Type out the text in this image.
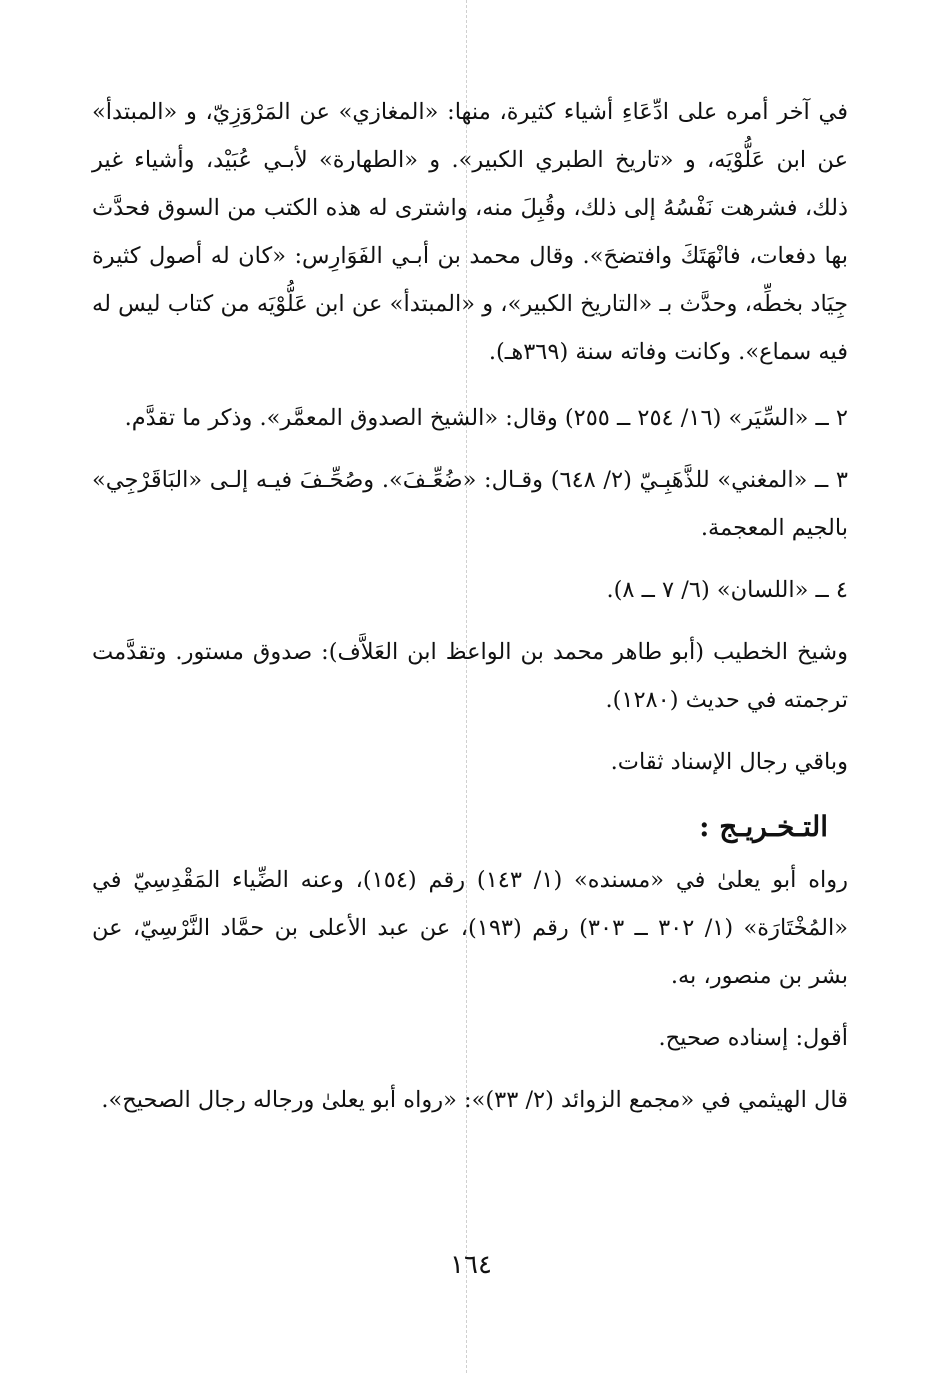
في آخر أمره على ادِّعَاءِ أشياء كثيرة، منها: «المغازي» عن المَرْوَزِيّ، و «المبتدأ» عن ابن عَلُّوْيَه، و «تاريخ الطبري الكبير». و «الطهارة» لأبـي عُبَيْد، وأشياء غير ذلك، فشرهت نَفْسُهُ إلى ذلك، وقُبِلَ منه، واشترى له هذه الكتب من السوق فحدَّث بها دفعات، فانْهَتَكَ وافتضحَ». وقال محمد بن أبـي الفَوَارِس: «كان له أصول كثيرة جِيَاد بخطِّه، وحدَّث بـ «التاريخ الكبير»، و «المبتدأ» عن ابن عَلُّوْيَه من كتاب ليس له فيه سماع». وكانت وفاته سنة (٣٦٩هـ).

٢ ــ «السِّيَر» (١٦/ ٢٥٤ ــ ٢٥٥) وقال: «الشيخ الصدوق المعمَّر». وذكر ما تقدَّم.

٣ ــ «المغني» للذَّهَبِـيّ (٢/ ٦٤٨) وقـال: «ضُعِّـفَ». وصُحِّـفَ فيـه إلـى «البَاقَرْجِي» بالجيم المعجمة.

٤ ــ «اللسان» (٦/ ٧ ــ ٨).

وشيخ الخطيب (أبو طاهر محمد بن الواعظ ابن العَلاَّف): صدوق مستور. وتقدَّمت ترجمته في حديث (١٢٨٠).

وباقي رجال الإسناد ثقات.

التـخـريـج :

رواه أبو يعلىٰ في «مسنده» (١/ ١٤٣) رقم (١٥٤)، وعنه الضِّياء المَقْدِسِيّ في «المُخْتَارَة» (١/ ٣٠٢ ــ ٣٠٣) رقم (١٩٣)، عن عبد الأعلى بن حمَّاد النَّرْسِيّ، عن بشر بن منصور، به.

أقول: إسناده صحيح.

قال الهيثمي في «مجمع الزوائد (٢/ ٣٣)»: «رواه أبو يعلىٰ ورجاله رجال الصحيح».

١٦٤
